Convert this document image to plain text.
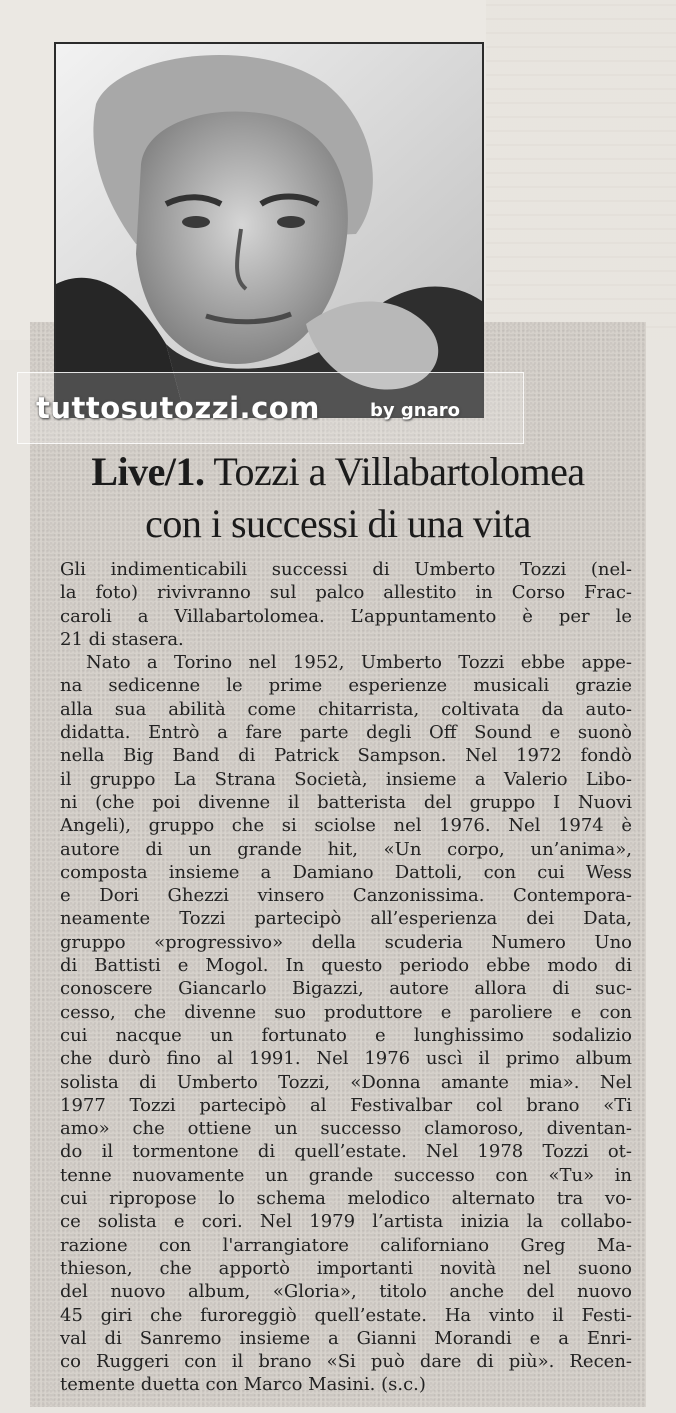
tuttosutozzi.com	by gnaro
Live/1. Tozzi a Villabartolomea
con i successi di una vita
Gli indimenticabili successi di Umberto Tozzi (nel-
la foto) rivivranno sul palco allestito in Corso Frac-
caroli a Villabartolomea. L’appuntamento è per le
21 di stasera.
Nato a Torino nel 1952, Umberto Tozzi ebbe appe-
na sedicenne le prime esperienze musicali grazie
alla sua abilità come chitarrista, coltivata da auto-
didatta. Entrò a fare parte degli Off Sound e suonò
nella Big Band di Patrick Sampson. Nel 1972 fondò
il gruppo La Strana Società, insieme a Valerio Libo-
ni (che poi divenne il batterista del gruppo I Nuovi
Angeli), gruppo che si sciolse nel 1976. Nel 1974 è
autore di un grande hit, «Un corpo, un’anima»,
composta insieme a Damiano Dattoli, con cui Wess
e Dori Ghezzi vinsero Canzonissima. Contempora-
neamente Tozzi partecipò all’esperienza dei Data,
gruppo «progressivo» della scuderia Numero Uno
di Battisti e Mogol. In questo periodo ebbe modo di
conoscere Giancarlo Bigazzi, autore allora di suc-
cesso, che divenne suo produttore e paroliere e con
cui nacque un fortunato e lunghissimo sodalizio
che durò fino al 1991. Nel 1976 uscì il primo album
solista di Umberto Tozzi, «Donna amante mia». Nel
1977 Tozzi partecipò al Festivalbar col brano «Ti
amo» che ottiene un successo clamoroso, diventan-
do il tormentone di quell’estate. Nel 1978 Tozzi ot-
tenne nuovamente un grande successo con «Tu» in
cui ripropose lo schema melodico alternato tra vo-
ce solista e cori. Nel 1979 l’artista inizia la collabo-
razione con l'arrangiatore californiano Greg Ma-
thieson, che apportò importanti novità nel suono
del nuovo album, «Gloria», titolo anche del nuovo
45 giri che furoreggiò quell’estate. Ha vinto il Festi-
val di Sanremo insieme a Gianni Morandi e a Enri-
co Ruggeri con il brano «Si può dare di più». Recen-
temente duetta con Marco Masini. (s.c.)
